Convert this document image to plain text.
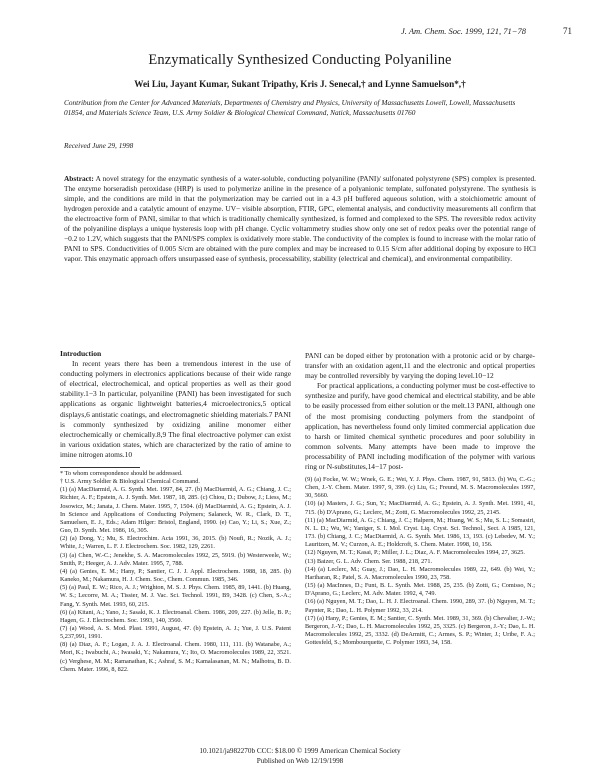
J. Am. Chem. Soc. 1999, 121, 71−78	71
Enzymatically Synthesized Conducting Polyaniline
Wei Liu, Jayant Kumar, Sukant Tripathy, Kris J. Senecal,† and Lynne Samuelson*,†
Contribution from the Center for Advanced Materials, Departments of Chemistry and Physics, University of Massachusetts Lowell, Lowell, Massachusetts 01854, and Materials Science Team, U.S. Army Soldier & Biological Chemical Command, Natick, Massachusetts 01760
Received June 29, 1998
Abstract: A novel strategy for the enzymatic synthesis of a water-soluble, conducting polyaniline (PANI)/ sulfonated polystyrene (SPS) complex is presented. The enzyme horseradish peroxidase (HRP) is used to polymerize aniline in the presence of a polyanionic template, sulfonated polystyrene. The synthesis is simple, and the conditions are mild in that the polymerization may be carried out in a 4.3 pH buffered aqueous solution, with a stoichiometric amount of hydrogen peroxide and a catalytic amount of enzyme. UV− visible absorption, FTIR, GPC, elemental analysis, and conductivity measurements all confirm that the electroactive form of PANI, similar to that which is traditionally chemically synthesized, is formed and complexed to the SPS. The reversible redox activity of the polyaniline displays a unique hysteresis loop with pH change. Cyclic voltammetry studies show only one set of redox peaks over the potential range of −0.2 to 1.2V, which suggests that the PANI/SPS complex is oxidatively more stable. The conductivity of the complex is found to increase with the molar ratio of PANI to SPS. Conductivities of 0.005 S/cm are obtained with the pure complex and may be increased to 0.15 S/cm after additional doping by exposure to HCl vapor. This enzymatic approach offers unsurpassed ease of synthesis, processability, stability (electrical and chemical), and environmental compatibility.

Introduction

In recent years there has been a tremendous interest in the use of conducting polymers in electronics applications because of their wide range of electrical, electrochemical, and optical properties as well as their good stability.1−3 In particular, polyaniline (PANI) has been investigated for such applications as organic lightweight batteries,4 microelectronics,5 optical displays,6 antistatic coatings, and electromagnetic shielding materials.7 PANI is commonly synthesized by oxidizing aniline monomer either electrochemically or chemically.8,9 The final electroactive polymer can exist in various oxidation states, which are characterized by the ratio of amine to imine nitrogen atoms.10

PANI can be doped either by protonation with a protonic acid or by charge-transfer with an oxidation agent,11 and the electronic and optical properties may be controlled reversibly by varying the doping level.10−12

For practical applications, a conducting polymer must be cost-effective to synthesize and purify, have good chemical and electrical stability, and be able to be easily processed from either solution or the melt.13 PANI, although one of the most promising conducting polymers from the standpoint of application, has nevertheless found only limited commercial application due to harsh or limited chemical synthetic procedures and poor solubility in common solvents. Many attempts have been made to improve the processability of PANI including modification of the polymer with various ring or N-substitutes,14−17 post-

* To whom correspondence should be addressed.
† U.S. Army Soldier & Biological Chemical Command.
(1) (a) MacDiarmid, A. G. Synth. Met. 1997, 84, 27. (b) MacDiarmid, A. G.; Chiang, J. C.; Richter, A. F.; Epstein, A. J. Synth. Met. 1987, 18, 285. (c) Chiou, D.; Dubow, J.; Liess, M.; Josowicz, M.; Janata, J. Chem. Mater. 1995, 7, 1504. (d) MacDiarmid, A. G.; Epstein, A. J. In Science and Applications of Conducting Polymers; Salaneck, W. R., Clark, D. T., Samuelsen, E. J., Eds.; Adam Hilger: Bristol, England, 1990. (e) Cao, Y.; Li, S.; Xue, Z.; Guo, D. Synth. Met. 1986, 16, 305.
(2) (a) Dong, Y.; Mu, S. Electrochim. Acta 1991, 36, 2015. (b) Noufi, R.; Nozik, A. J.; White, J.; Warren, L. F. J. Electrochem. Soc. 1982, 129, 2261.
(3) (a) Chen, W.-C.; Jenekhe, S. A. Macromolecules 1992, 25, 5919. (b) Westerweele, W.; Smith, P.; Heeger, A. J. Adv. Mater. 1995, 7, 788.
(4) (a) Genies, E. M.; Hany, P.; Santier, C. J. J. Appl. Electrochem. 1988, 18, 285. (b) Kaneko, M.; Nakamura, H. J. Chem. Soc., Chem. Commun. 1985, 346.
(5) (a) Paul, E. W.; Rico, A. J.; Wrighton, M. S. J. Phys. Chem. 1985, 89, 1441. (b) Huang, W. S.; Lecorre, M. A.; Tissier, M. J. Vac. Sci. Technol. 1991, B9, 3428. (c) Chen, S.-A.; Fang, Y. Synth. Met. 1993, 60, 215.
(6) (a) Kitani, A.; Yano, J.; Sasaki, K. J. Electroanal. Chem. 1986, 209, 227. (b) Jelle, B. P.; Hagen, G. J. Electrochem. Soc. 1993, 140, 3560.
(7) (a) Wood, A. S. Mod. Plast. 1991, August, 47. (b) Epstein, A. J.; Yue, J. U.S. Patent 5,237,991, 1991.
(8) (a) Diaz, A. F.; Logan, J. A. J. Electroanal. Chem. 1980, 111, 111. (b) Watanabe, A.; Mori, K.; Iwabuchi, A.; Iwasaki, Y.; Nakamura, Y.; Ito, O. Macromolecules 1989, 22, 3521. (c) Verghese, M. M.; Ramanathan, K.; Ashraf, S. M.; Kamalasanan, M. N.; Malhotra, B. D. Chem. Mater. 1996, 8, 822.
(9) (a) Focke, W. W.; Wnek, G. E.; Wei, Y. J. Phys. Chem. 1987, 91, 5813. (b) Wu, C.-G.; Chen, J.-Y. Chem. Mater. 1997, 9, 399. (c) Liu, G.; Freund, M. S. Macromolecules 1997, 30, 5660.
(10) (a) Masters, J. G.; Sun, Y.; MacDiarmid, A. G.; Epstein, A. J. Synth. Met. 1991, 41, 715. (b) D'Aprano, G.; Leclerc, M.; Zotti, G. Macromolecules 1992, 25, 2145.
(11) (a) MacDiarmid, A. G.; Chiang, J. C.; Halpern, M.; Huang, W. S.; Mu, S. L.; Somasiri, N. L. D.; Wu, W.; Yaniger, S. I. Mol. Cryst. Liq. Cryst. Sci. Technol., Sect. A 1985, 121, 173. (b) Chiang, J. C.; MacDiarmid, A. G. Synth. Met. 1986, 13, 193. (c) Lebedev, M. Y.; Lauritzen, M. V.; Curzon, A. E.; Holdcroft, S. Chem. Mater. 1998, 10, 156.
(12) Nguyen, M. T.; Kasai, P.; Miller, J. L.; Diaz, A. F. Macromolecules 1994, 27, 3625.
(13) Baizer, G. L. Adv. Chem. Ser. 1988, 218, 271.
(14) (a) Leclerc, M.; Guay, J.; Dao, L. H. Macromolecules 1989, 22, 649. (b) Wei, Y.; Hariharan, R.; Patel, S. A. Macromolecules 1990, 23, 758.
(15) (a) MacInnes, D.; Funt, B. L. Synth. Met. 1988, 25, 235. (b) Zotti, G.; Comisso, N.; D'Aprano, G.; Leclerc, M. Adv. Mater. 1992, 4, 749.
(16) (a) Nguyen, M. T.; Dao, L. H. J. Electroanal. Chem. 1990, 289, 37. (b) Nguyen, M. T.; Paynter, R.; Dao, L. H. Polymer 1992, 33, 214.
(17) (a) Hany, P.; Genies, E. M.; Santier, C. Synth. Met. 1989, 31, 369. (b) Chevalier, J.-W.; Bergeron, J.-Y.; Dao, L. H. Macromolecules 1992, 25, 3325. (c) Bergeron, J.-Y.; Dao, L. H. Macromolecules 1992, 25, 3332. (d) DeArmitt, C.; Armes, S. P.; Winter, J.; Uribe, F. A.; Gottesfeld, S.; Mombourquette, C. Polymer 1993, 34, 158.
10.1021/ja982270b CCC: $18.00 © 1999 American Chemical Society
Published on Web 12/19/1998
